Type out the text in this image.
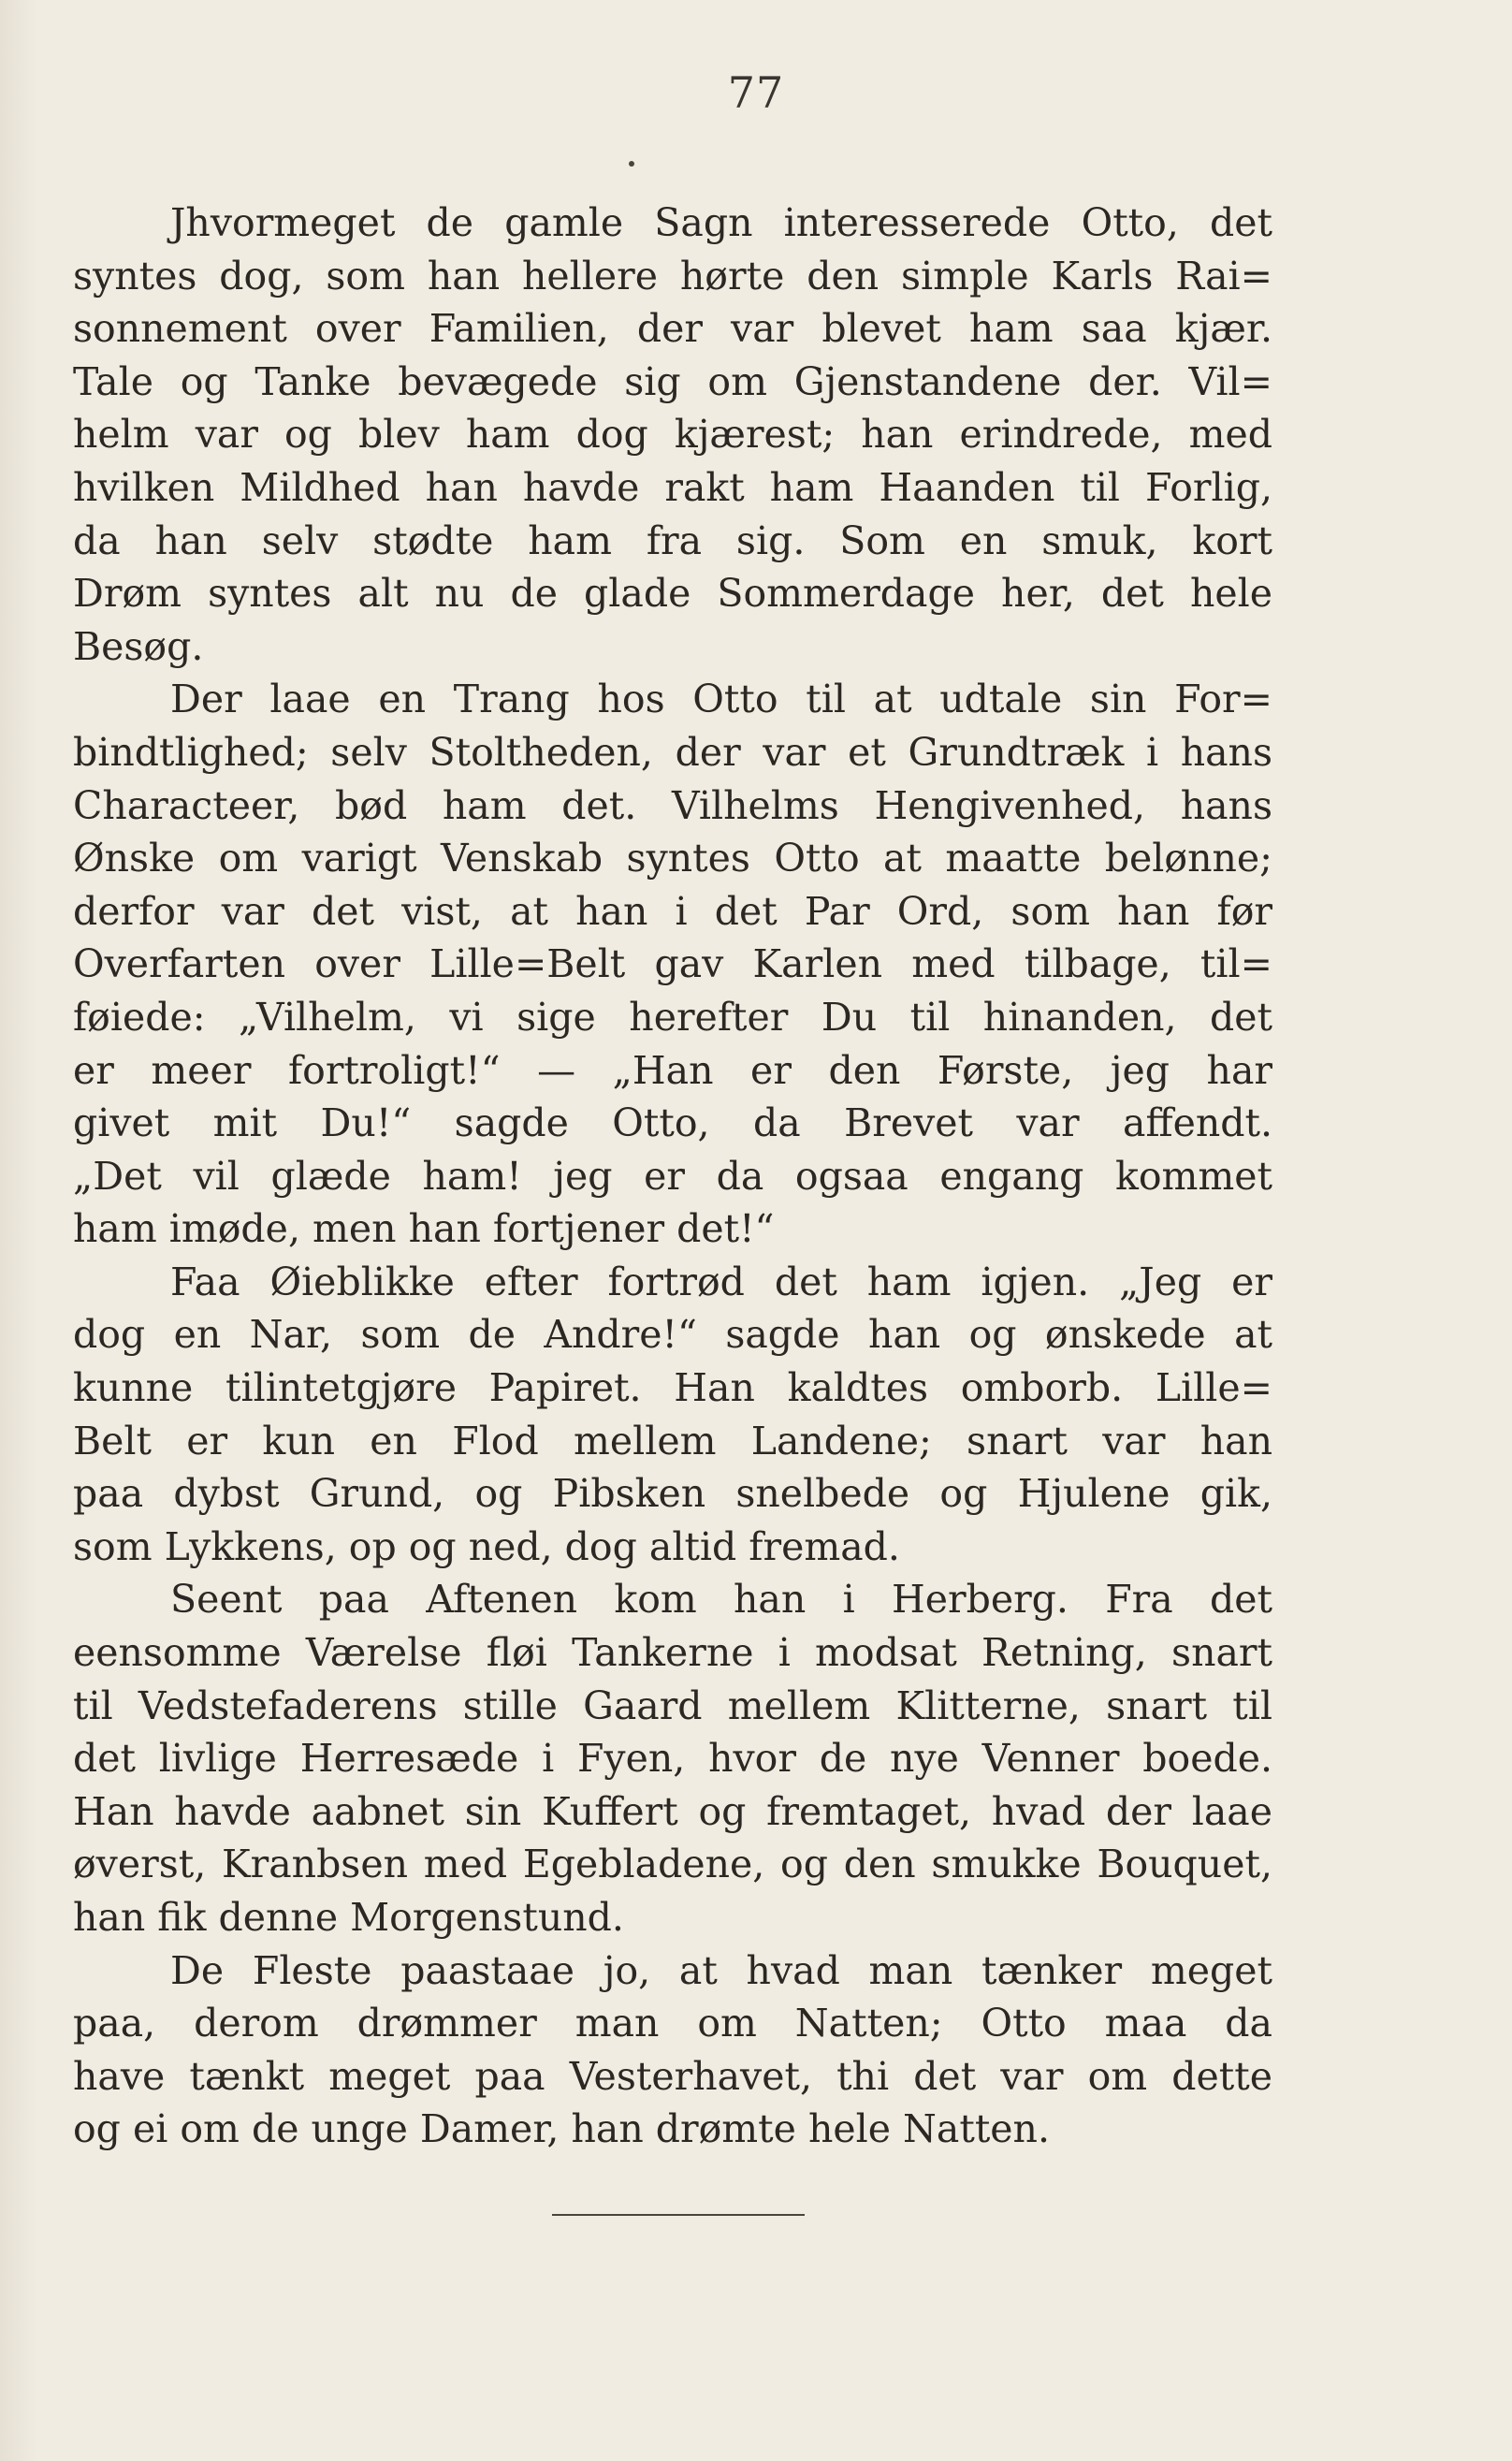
77
Jhvormeget de gamle Sagn interesserede Otto, det
syntes dog, som han hellere hørte den simple Karls Rai=
sonnement over Familien, der var blevet ham saa kjær.
Tale og Tanke bevægede sig om Gjenstandene der. Vil=
helm var og blev ham dog kjærest; han erindrede, med
hvilken Mildhed han havde rakt ham Haanden til Forlig,
da han selv stødte ham fra sig. Som en smuk, kort
Drøm syntes alt nu de glade Sommerdage her, det hele
Besøg.
Der laae en Trang hos Otto til at udtale sin For=
bindtlighed; selv Stoltheden, der var et Grundtræk i hans
Characteer, bød ham det. Vilhelms Hengivenhed, hans
Ønske om varigt Venskab syntes Otto at maatte belønne;
derfor var det vist, at han i det Par Ord, som han før
Overfarten over Lille=Belt gav Karlen med tilbage, til=
føiede: „Vilhelm, vi sige herefter Du til hinanden, det
er meer fortroligt!“ — „Han er den Første, jeg har
givet mit Du!“ sagde Otto, da Brevet var affendt.
„Det vil glæde ham! jeg er da ogsaa engang kommet
ham imøde, men han fortjener det!“
Faa Øieblikke efter fortrød det ham igjen. „Jeg er
dog en Nar, som de Andre!“ sagde han og ønskede at
kunne tilintetgjøre Papiret. Han kaldtes omborb. Lille=
Belt er kun en Flod mellem Landene; snart var han
paa dybst Grund, og Pibsken snelbede og Hjulene gik,
som Lykkens, op og ned, dog altid fremad.
Seent paa Aftenen kom han i Herberg. Fra det
eensomme Værelse fløi Tankerne i modsat Retning, snart
til Vedstefaderens stille Gaard mellem Klitterne, snart til
det livlige Herresæde i Fyen, hvor de nye Venner boede.
Han havde aabnet sin Kuffert og fremtaget, hvad der laae
øverst, Kranbsen med Egebladene, og den smukke Bouquet,
han fik denne Morgenstund.
De Fleste paastaae jo, at hvad man tænker meget
paa, derom drømmer man om Natten; Otto maa da
have tænkt meget paa Vesterhavet, thi det var om dette
og ei om de unge Damer, han drømte hele Natten.
